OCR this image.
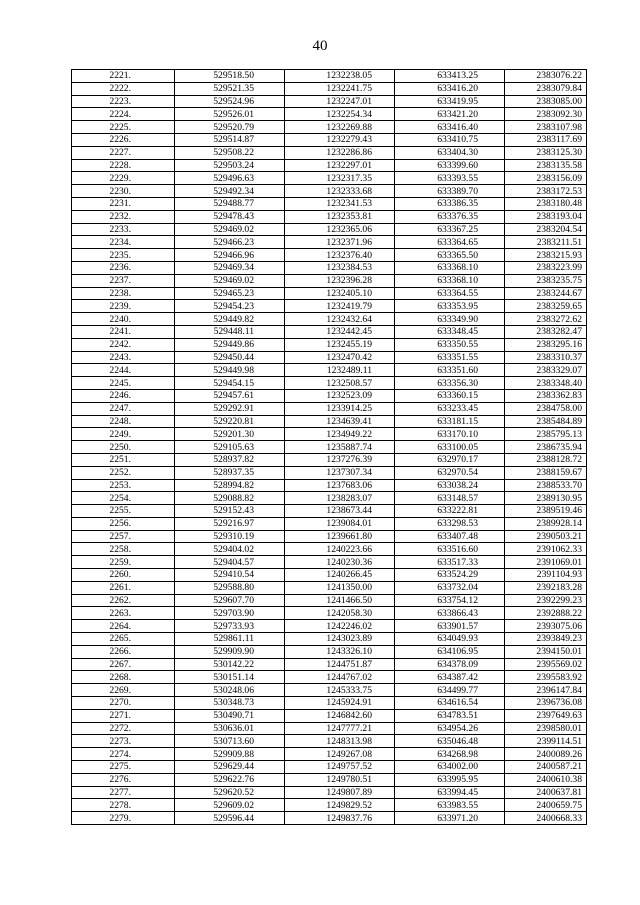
40
2221.	529518.50	1232238.05	633413.25	2383076.22
2222.	529521.35	1232241.75	633416.20	2383079.84
2223.	529524.96	1232247.01	633419.95	2383085.00
2224.	529526.01	1232254.34	633421.20	2383092.30
2225.	529520.79	1232269.88	633416.40	2383107.98
2226.	529514.87	1232279.43	633410.75	2383117.69
2227.	529508.22	1232286.86	633404.30	2383125.30
2228.	529503.24	1232297.01	633399.60	2383135.58
2229.	529496.63	1232317.35	633393.55	2383156.09
2230.	529492.34	1232333.68	633389.70	2383172.53
2231.	529488.77	1232341.53	633386.35	2383180.48
2232.	529478.43	1232353.81	633376.35	2383193.04
2233.	529469.02	1232365.06	633367.25	2383204.54
2234.	529466.23	1232371.96	633364.65	2383211.51
2235.	529466.96	1232376.40	633365.50	2383215.93
2236.	529469.34	1232384.53	633368.10	2383223.99
2237.	529469.02	1232396.28	633368.10	2383235.75
2238.	529465.23	1232405.10	633364.55	2383244.67
2239.	529454.23	1232419.79	633353.95	2383259.65
2240.	529449.82	1232432.64	633349.90	2383272.62
2241.	529448.11	1232442.45	633348.45	2383282.47
2242.	529449.86	1232455.19	633350.55	2383295.16
2243.	529450.44	1232470.42	633351.55	2383310.37
2244.	529449.98	1232489.11	633351.60	2383329.07
2245.	529454.15	1232508.57	633356.30	2383348.40
2246.	529457.61	1232523.09	633360.15	2383362.83
2247.	529292.91	1233914.25	633233.45	2384758.00
2248.	529220.81	1234639.41	633181.15	2385484.89
2249.	529201.30	1234949.22	633170.10	2385795.13
2250.	529105.63	1235887.74	633100.05	2386735.94
2251.	528937.82	1237276.39	632970.17	2388128.72
2252.	528937.35	1237307.34	632970.54	2388159.67
2253.	528994.82	1237683.06	633038.24	2388533.70
2254.	529088.82	1238283.07	633148.57	2389130.95
2255.	529152.43	1238673.44	633222.81	2389519.46
2256.	529216.97	1239084.01	633298.53	2389928.14
2257.	529310.19	1239661.80	633407.48	2390503.21
2258.	529404.02	1240223.66	633516.60	2391062.33
2259.	529404.57	1240230.36	633517.33	2391069.01
2260.	529410.54	1240266.45	633524.29	2391104.93
2261.	529588.80	1241350.00	633732.04	2392183.28
2262.	529607.70	1241466.50	633754.12	2392299.23
2263.	529703.90	1242058.30	633866.43	2392888.22
2264.	529733.93	1242246.02	633901.57	2393075.06
2265.	529861.11	1243023.89	634049.93	2393849.23
2266.	529909.90	1243326.10	634106.95	2394150.01
2267.	530142.22	1244751.87	634378.09	2395569.02
2268.	530151.14	1244767.02	634387.42	2395583.92
2269.	530248.06	1245333.75	634499.77	2396147.84
2270.	530348.73	1245924.91	634616.54	2396736.08
2271.	530490.71	1246842.60	634783.51	2397649.63
2272.	530636.01	1247777.21	634954.26	2398580.01
2273.	530713.60	1248313.98	635046.48	2399114.51
2274.	529909.88	1249267.08	634268.98	2400089.26
2275.	529629.44	1249757.52	634002.00	2400587.21
2276.	529622.76	1249780.51	633995.95	2400610.38
2277.	529620.52	1249807.89	633994.45	2400637.81
2278.	529609.02	1249829.52	633983.55	2400659.75
2279.	529596.44	1249837.76	633971.20	2400668.33
